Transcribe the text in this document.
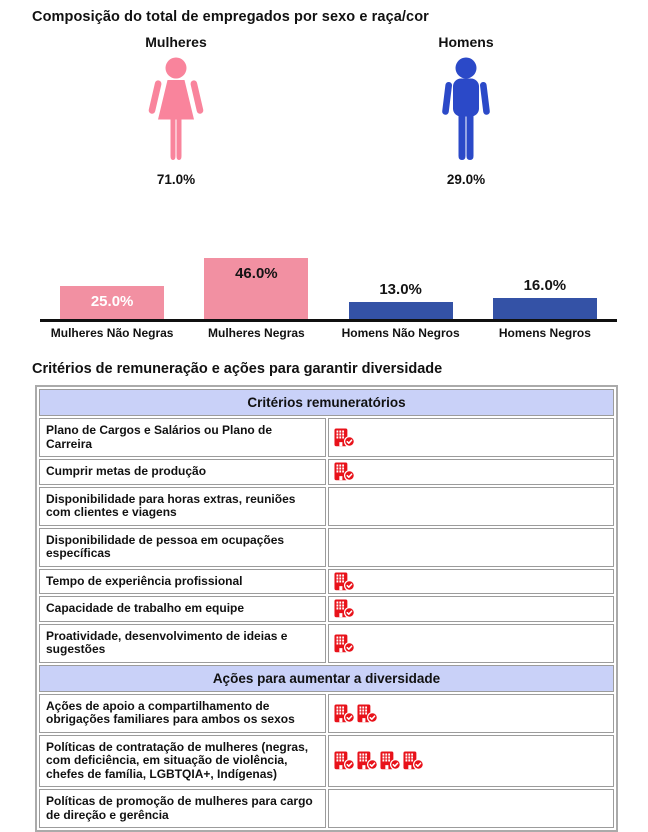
Composição do total de empregados por sexo e raça/cor
Mulheres
71.0%
Homens
29.0%
25.0%
46.0%
13.0%	16.0%
Mulheres Não Negras	Mulheres Negras	Homens Não Negros	Homens Negros
Critérios de remuneração e ações para garantir diversidade
Critérios remuneratórios	
Plano de Cargos e Salários ou Plano de Carreira	

Cumprir metas de produção	

Disponibilidade para horas extras, reuniões com clientes e viagens	

Disponibilidade de pessoa em ocupações específicas	

Tempo de experiência profissional	

Capacidade de trabalho em equipe	

Proatividade, desenvolvimento de ideias e sugestões	

Ações para aumentar a diversidade	
Ações de apoio a compartilhamento de obrigações familiares para ambos os sexos	

Políticas de contratação de mulheres (negras, com deficiência, em situação de violência, chefes de família, LGBTQIA+, Indígenas)	

Políticas de promoção de mulheres para cargo de direção e gerência	
